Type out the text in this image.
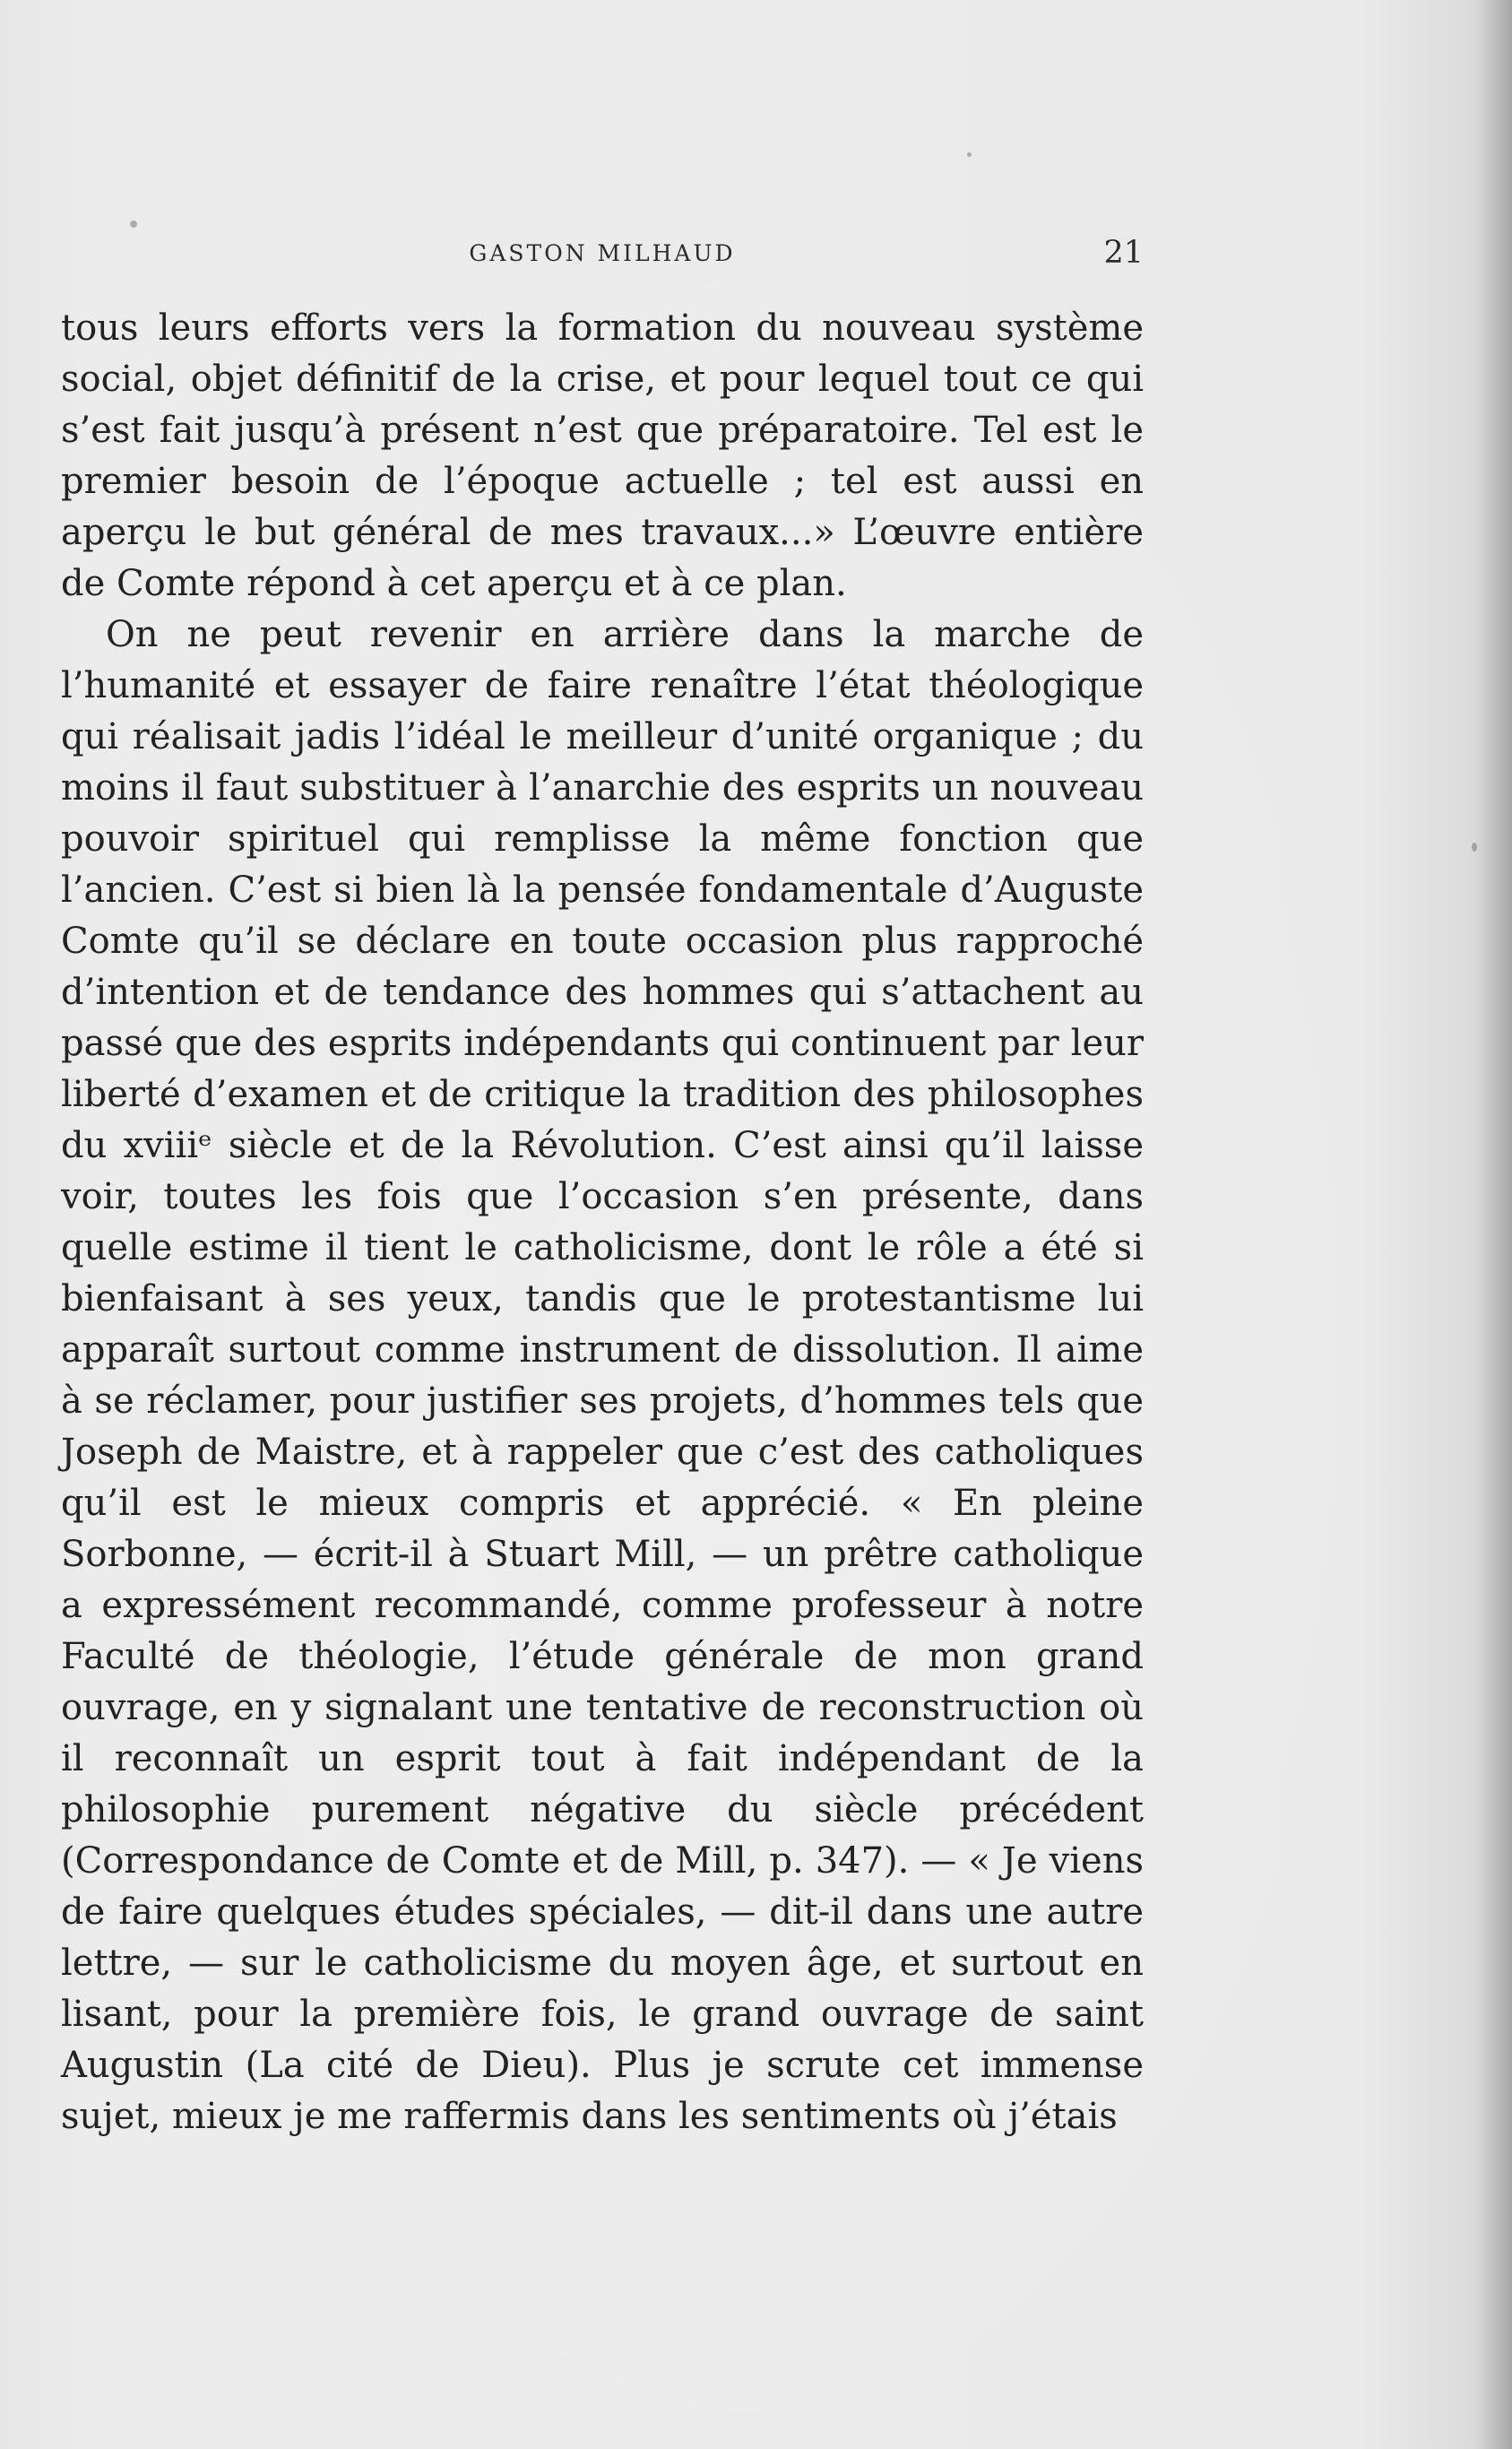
GASTON MILHAUD	21

tous leurs efforts vers la formation du nouveau système social, objet définitif de la crise, et pour lequel tout ce qui s’est fait jusqu’à présent n’est que préparatoire. Tel est le premier besoin de l’époque actuelle ; tel est aussi en aperçu le but général de mes travaux...» L’œuvre entière de Comte répond à cet aperçu et à ce plan.

On ne peut revenir en arrière dans la marche de l’humanité et essayer de faire renaître l’état théologique qui réalisait jadis l’idéal le meilleur d’unité organique ; du moins il faut substituer à l’anarchie des esprits un nouveau pouvoir spirituel qui remplisse la même fonction que l’ancien. C’est si bien là la pensée fondamentale d’Auguste Comte qu’il se déclare en toute occasion plus rapproché d’intention et de tendance des hommes qui s’attachent au passé que des esprits indépendants qui continuent par leur liberté d’examen et de critique la tradition des philosophes du xviiiᵉ siècle et de la Révolution. C’est ainsi qu’il laisse voir, toutes les fois que l’occasion s’en présente, dans quelle estime il tient le catholicisme, dont le rôle a été si bienfaisant à ses yeux, tandis que le protestantisme lui apparaît surtout comme instrument de dissolution. Il aime à se réclamer, pour justifier ses projets, d’hommes tels que Joseph de Maistre, et à rappeler que c’est des catholiques qu’il est le mieux compris et apprécié. « En pleine Sorbonne, — écrit-il à Stuart Mill, — un prêtre catholique a expressément recommandé, comme professeur à notre Faculté de théologie, l’étude générale de mon grand ouvrage, en y signalant une tentative de reconstruction où il reconnaît un esprit tout à fait indépendant de la philosophie purement négative du siècle précédent (Correspondance de Comte et de Mill, p. 347). — « Je viens de faire quelques études spéciales, — dit-il dans une autre lettre, — sur le catholicisme du moyen âge, et surtout en lisant, pour la première fois, le grand ouvrage de saint Augustin (La cité de Dieu). Plus je scrute cet immense sujet, mieux je me raffermis dans les sentiments où j’étais
